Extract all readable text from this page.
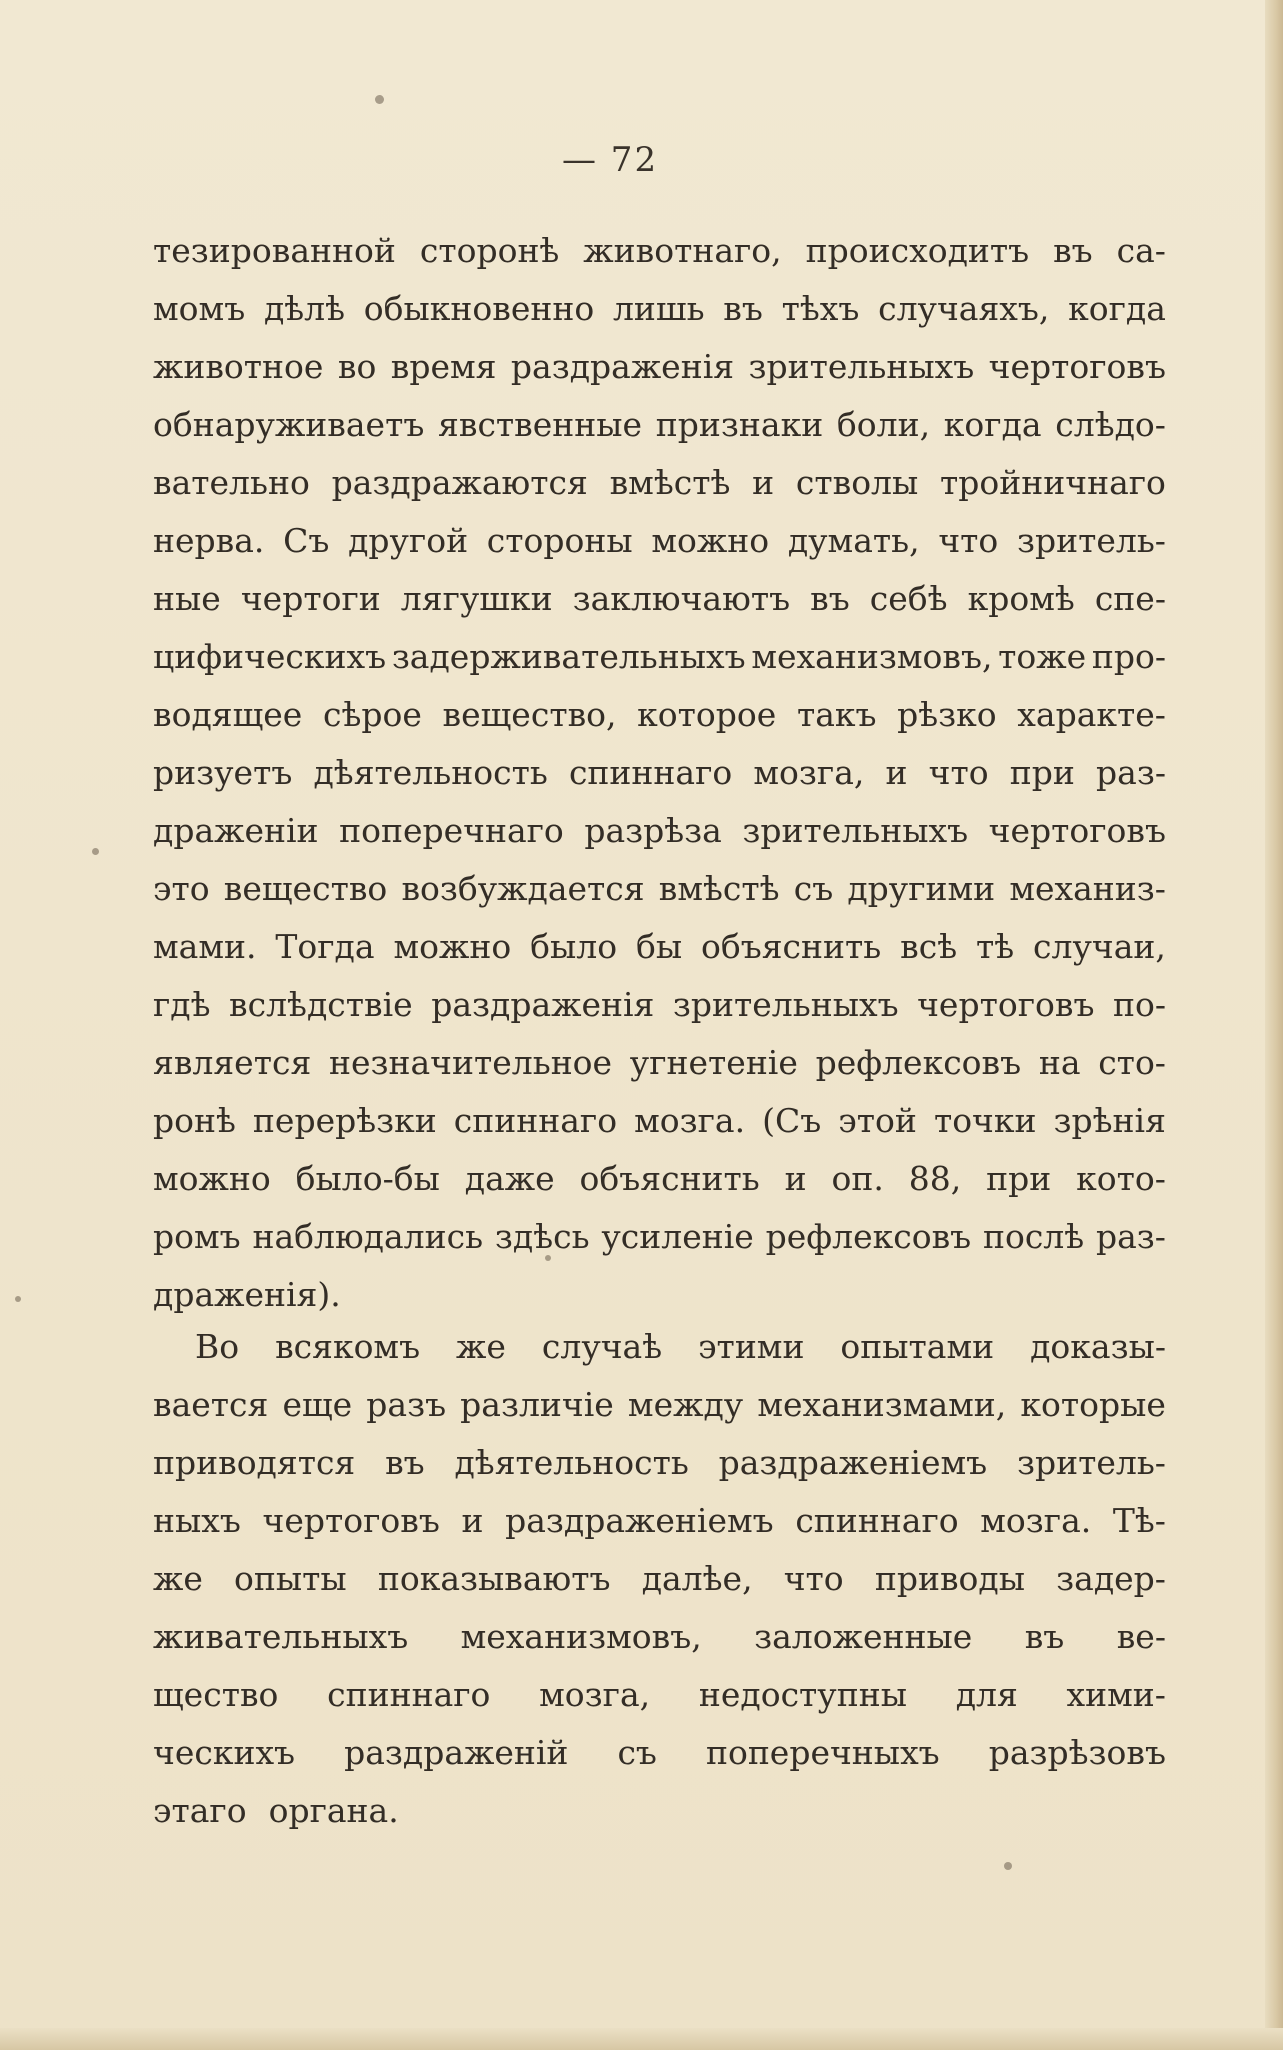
— 72
тезированной сторонѣ животнаго, происходитъ въ са-
момъ дѣлѣ обыкновенно лишь въ тѣхъ случаяхъ, когда
животное во время раздраженія зрительныхъ чертоговъ
обнаруживаетъ явственные признаки боли, когда слѣдо-
вательно раздражаются вмѣстѣ и стволы тройничнаго
нерва. Съ другой стороны можно думать, что зритель-
ные чертоги лягушки заключаютъ въ себѣ кромѣ спе-
цифическихъ задерживательныхъ механизмовъ, тоже про-
водящее сѣрое вещество, которое такъ рѣзко характе-
ризуетъ дѣятельность спиннаго мозга, и что при раз-
драженіи поперечнаго разрѣза зрительныхъ чертоговъ
это вещество возбуждается вмѣстѣ съ другими механиз-
мами. Тогда можно было бы объяснить всѣ тѣ случаи,
гдѣ вслѣдствіе раздраженія зрительныхъ чертоговъ по-
является незначительное угнетеніе рефлексовъ на сто-
ронѣ перерѣзки спиннаго мозга. (Съ этой точки зрѣнія
можно было-бы даже объяснить и оп. 88, при кото-
ромъ наблюдались здѣсь усиленіе рефлексовъ послѣ раз-
драженія).
Во всякомъ же случаѣ этими опытами доказы-
вается еще разъ различіе между механизмами, которые
приводятся въ дѣятельность раздраженіемъ зритель-
ныхъ чертоговъ и раздраженіемъ спиннаго мозга. Тѣ-
же опыты показываютъ далѣе, что приводы задер-
живательныхъ механизмовъ, заложенные въ ве-
щество спиннаго мозга, недоступны для хими-
ческихъ раздраженій съ поперечныхъ разрѣзовъ
этаго органа.
